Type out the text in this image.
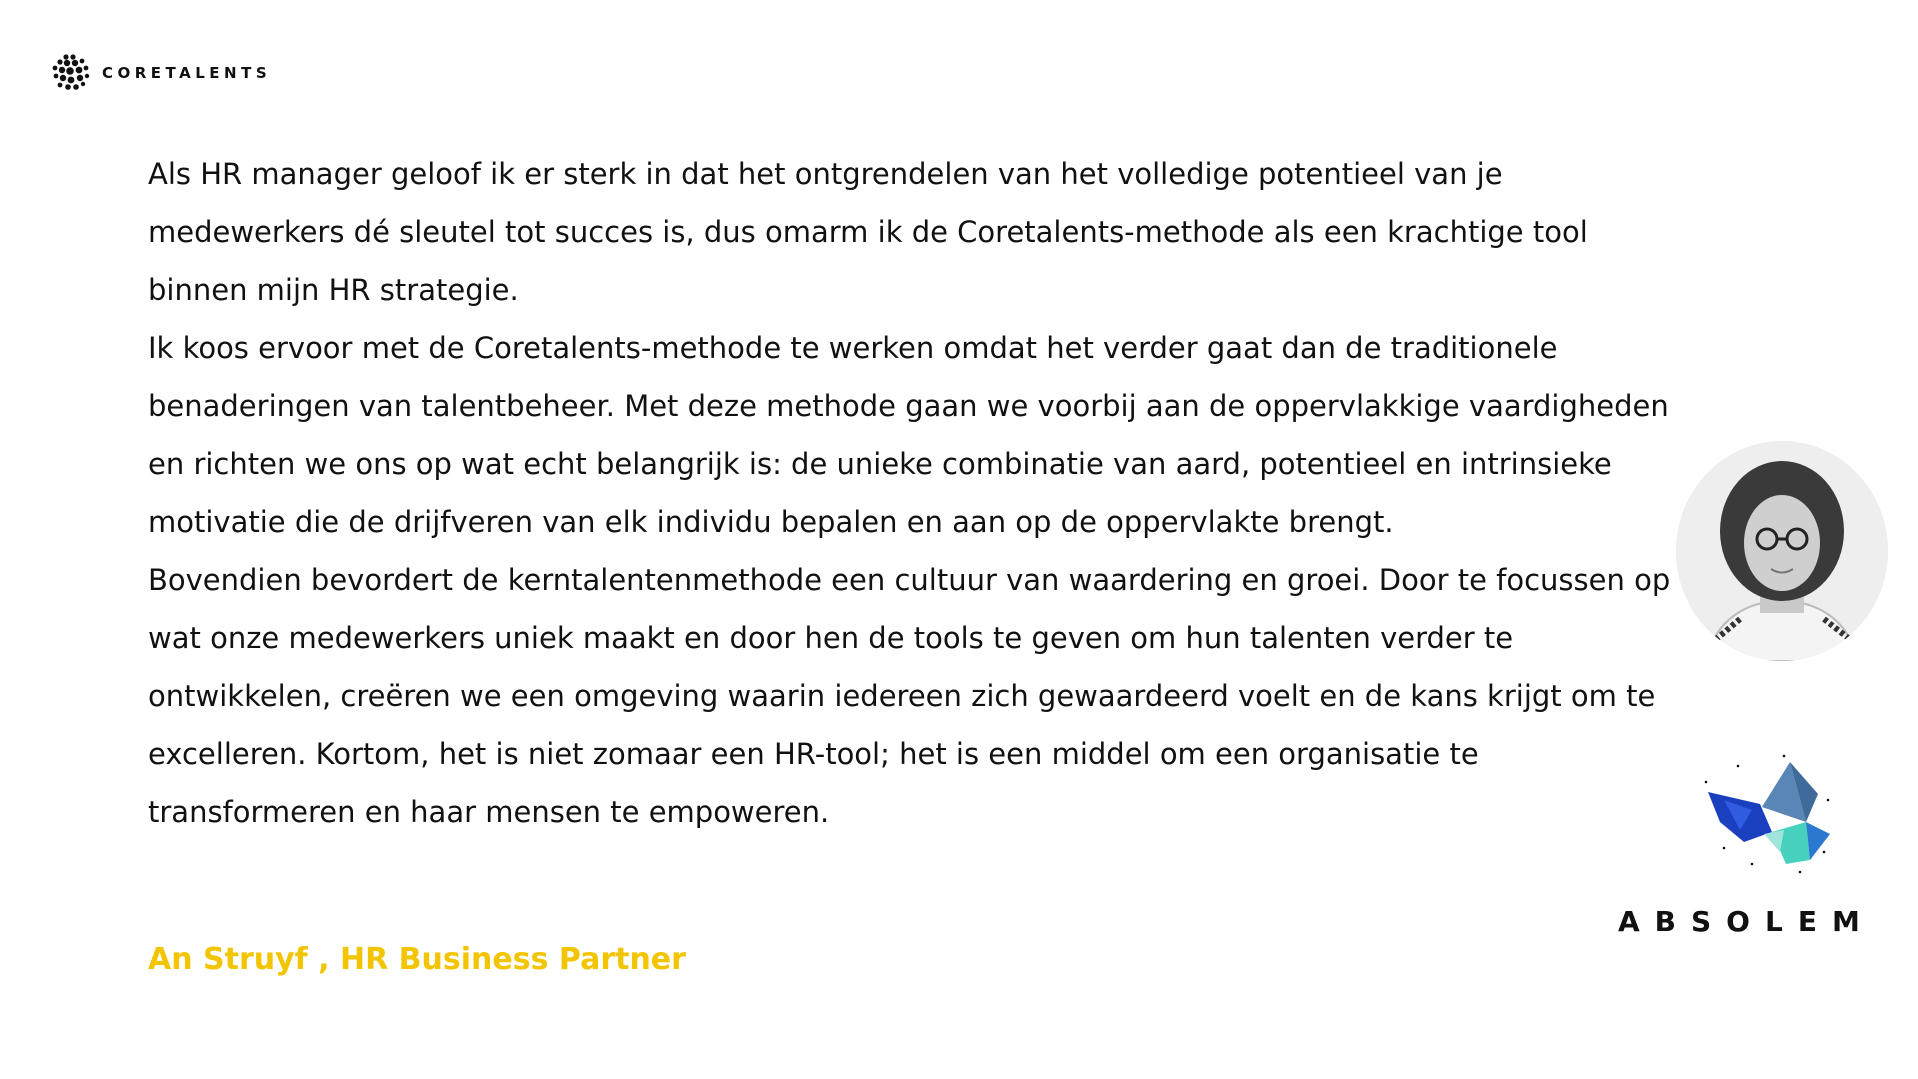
CORETALENTS

Als HR manager geloof ik er sterk in dat het ontgrendelen van het volledige potentieel van je medewerkers dé sleutel tot succes is, dus omarm ik de Coretalents-methode als een krachtige tool binnen mijn HR strategie.

Ik koos ervoor met de Coretalents-methode te werken omdat het verder gaat dan de traditionele benaderingen van talentbeheer. Met deze methode gaan we voorbij aan de oppervlakkige vaardigheden en richten we ons op wat echt belangrijk is: de unieke combinatie van aard, potentieel en intrinsieke motivatie die de drijfveren van elk individu bepalen en aan op de oppervlakte brengt.

Bovendien bevordert de kerntalentenmethode een cultuur van waardering en groei. Door te focussen op wat onze medewerkers uniek maakt en door hen de tools te geven om hun talenten verder te ontwikkelen, creëren we een omgeving waarin iedereen zich gewaardeerd voelt en de kans krijgt om te excelleren. Kortom, het is niet zomaar een HR-tool; het is een middel om een organisatie te transformeren en haar mensen te empoweren.

An Struyf , HR Business Partner
ABSOLEM
